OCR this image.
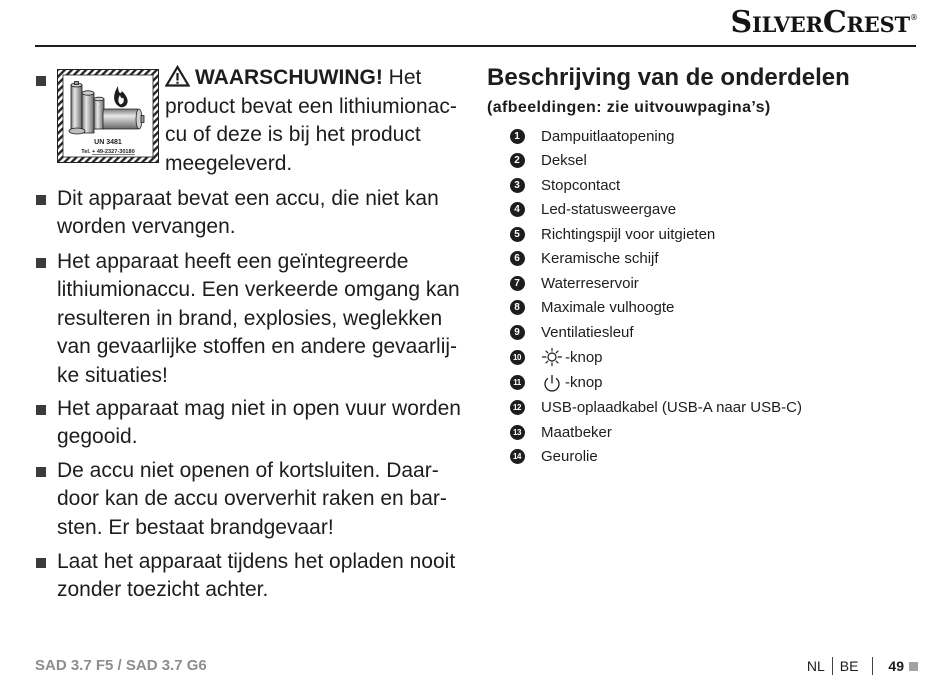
SilverCrest ®
UN 3481
Tel. + 49-2327-30180
WAARSCHUWING! Het
product bevat een lithiumionac-
cu of deze is bij het product
meegeleverd.
Dit apparaat bevat een accu, die niet kan
worden vervangen.
Het apparaat heeft een geïntegreerde
lithiumionaccu. Een verkeerde omgang kan
resulteren in brand, explosies, weglekken
van gevaarlijke stoffen en andere gevaarlij-
ke situaties!
Het apparaat mag niet in open vuur worden
gegooid.
De accu niet openen of kortsluiten. Daar-
door kan de accu oververhit raken en bar-
sten. Er bestaat brandgevaar!
Laat het apparaat tijdens het opladen nooit
zonder toezicht achter.
Beschrijving van de onderdelen
(afbeeldingen: zie uitvouwpagina’s)
1	Dampuitlaatopening
2	Deksel
3	Stopcontact
4	Led-statusweergave
5	Richtingspijl voor uitgieten
6	Keramische schijf
7	Waterreservoir
8	Maximale vulhoogte
9	Ventilatiesleuf
10	-knop
11	-knop
12 USB-oplaadkabel (USB-A naar USB-C)
13 Maatbeker
14 Geurolie
SAD 3.7 F5 / SAD 3.7 G6	NL BE 49
